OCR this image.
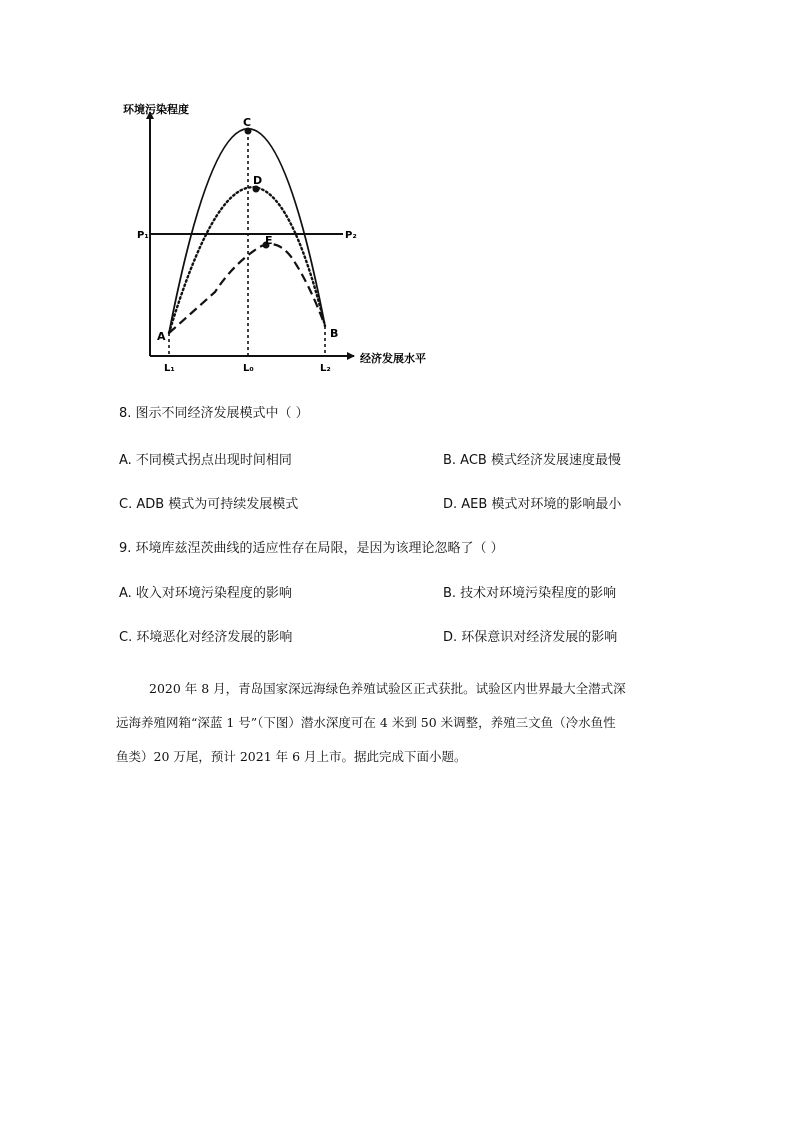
环境污染程度
经济发展水平
P₁	P₂
L₁	L₀	L₂
A	B
C
D
E
8. 图示不同经济发展模式中（ ）
A. 不同模式拐点出现时间相同	B. ACB 模式经济发展速度最慢
C. ADB 模式为可持续发展模式	D. AEB 模式对环境的影响最小
9. 环境库兹涅茨曲线的适应性存在局限，是因为该理论忽略了（ ）
A. 收入对环境污染程度的影响	B. 技术对环境污染程度的影响
C. 环境恶化对经济发展的影响	D. 环保意识对经济发展的影响

2020 年 8 月，青岛国家深远海绿色养殖试验区正式获批。试验区内世界最大全潜式深

远海养殖网箱“深蓝 1 号”（下图）潜水深度可在 4 米到 50 米调整，养殖三文鱼（冷水鱼性

鱼类）20 万尾，预计 2021 年 6 月上市。据此完成下面小题。
